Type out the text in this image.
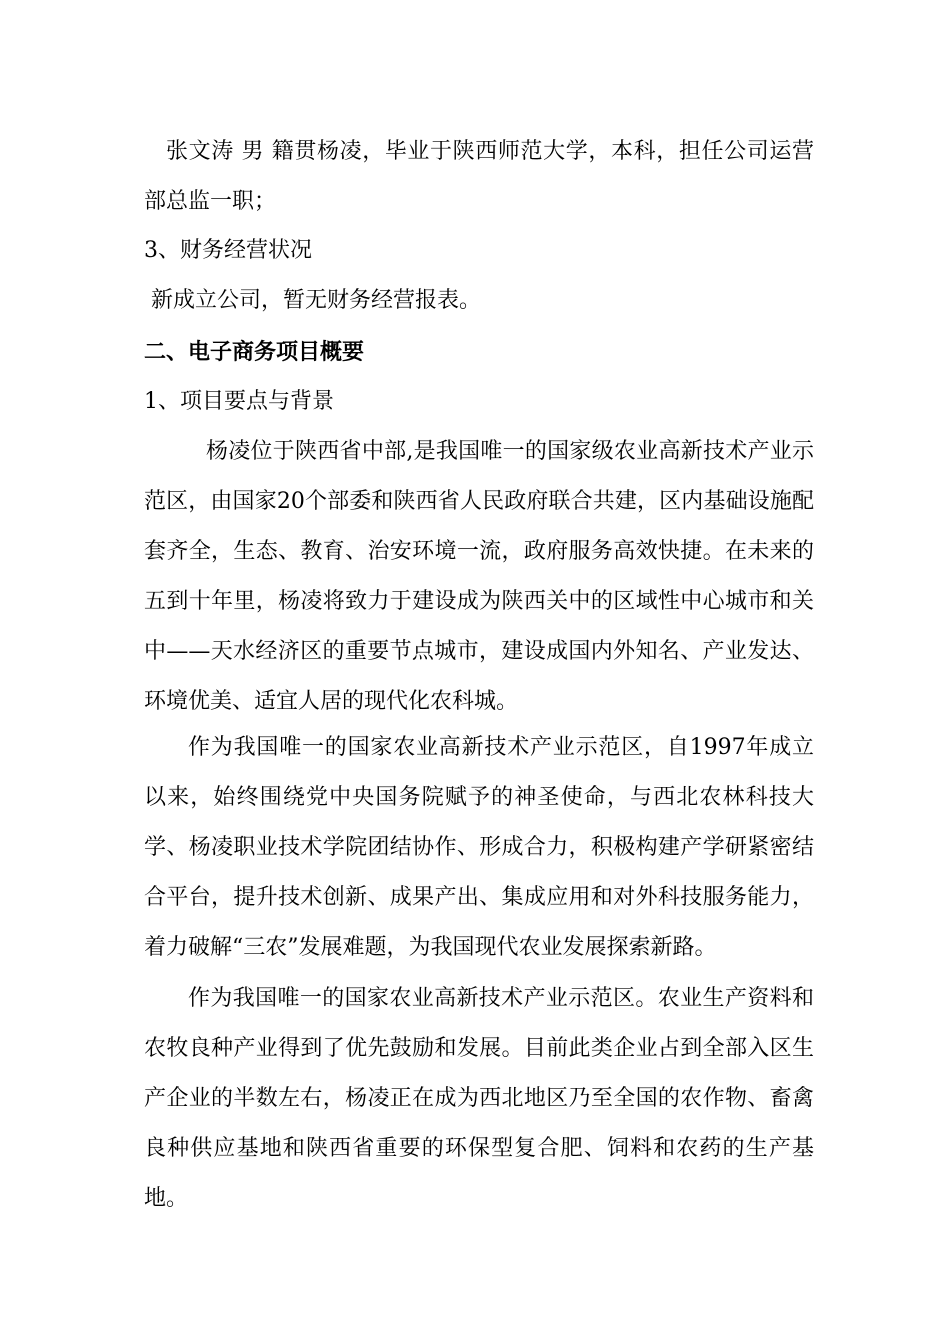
张文涛 男 籍贯杨凌，毕业于陕西师范大学，本科，担任公司运营部总监一职；

3、财务经营状况

新成立公司，暂无财务经营报表。

二、电子商务项目概要

1、项目要点与背景

杨凌位于陕西省中部,是我国唯一的国家级农业高新技术产业示范区，由国家20个部委和陕西省人民政府联合共建，区内基础设施配套齐全，生态、教育、治安环境一流，政府服务高效快捷。在未来的五到十年里，杨凌将致力于建设成为陕西关中的区域性中心城市和关中——天水经济区的重要节点城市，建设成国内外知名、产业发达、环境优美、适宜人居的现代化农科城。

作为我国唯一的国家农业高新技术产业示范区，自1997年成立以来，始终围绕党中央国务院赋予的神圣使命，与西北农林科技大学、杨凌职业技术学院团结协作、形成合力，积极构建产学研紧密结合平台，提升技术创新、成果产出、集成应用和对外科技服务能力，着力破解“三农”发展难题，为我国现代农业发展探索新路。

作为我国唯一的国家农业高新技术产业示范区。农业生产资料和农牧良种产业得到了优先鼓励和发展。目前此类企业占到全部入区生产企业的半数左右，杨凌正在成为西北地区乃至全国的农作物、畜禽良种供应基地和陕西省重要的环保型复合肥、饲料和农药的生产基地。
